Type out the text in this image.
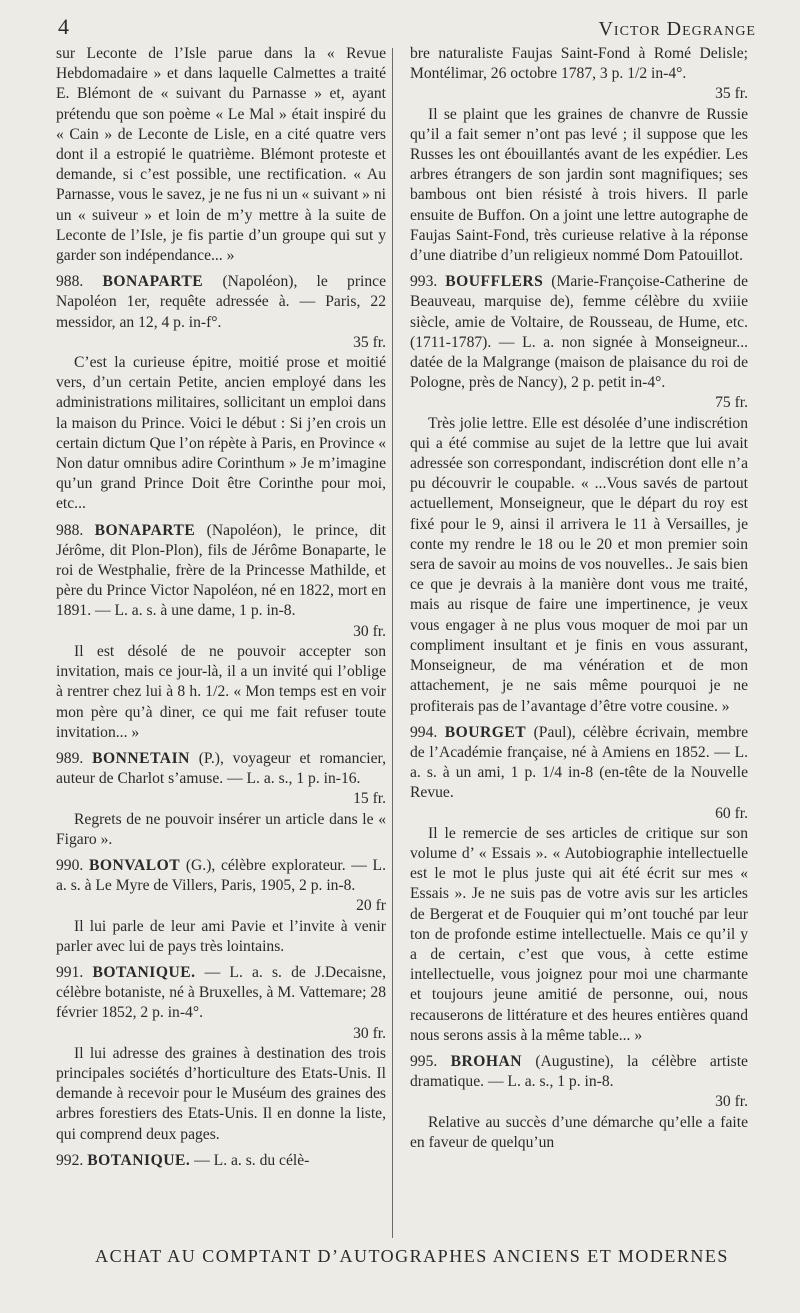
4	Victor Degrange

sur Leconte de l’Isle parue dans la « Revue Hebdomadaire » et dans laquelle Calmettes a traité E. Blémont de « suivant du Parnasse » et, ayant prétendu que son poème « Le Mal » était inspiré du « Cain » de Leconte de Lisle, en a cité quatre vers dont il a estropié le quatrième. Blémont proteste et demande, si c’est possible, une rectification. « Au Parnasse, vous le savez, je ne fus ni un « suivant » ni un « suiveur » et loin de m’y mettre à la suite de Leconte de l’Isle, je fis partie d’un groupe qui sut y garder son indépendance... »

988. BONAPARTE (Napoléon), le prince Napoléon 1er, requête adressée à. — Paris, 22 messidor, an 12, 4 p. in-f°.

35 fr.

C’est la curieuse épitre, moitié prose et moitié vers, d’un certain Petite, ancien employé dans les administrations militaires, sollicitant un emploi dans la maison du Prince. Voici le début : Si j’en crois un certain dictum Que l’on répète à Paris, en Province « Non datur omnibus adire Corinthum » Je m’imagine qu’un grand Prince Doit être Corinthe pour moi, etc...

988. BONAPARTE (Napoléon), le prince, dit Jérôme, dit Plon-Plon), fils de Jérôme Bonaparte, le roi de Westphalie, frère de la Princesse Mathilde, et père du Prince Victor Napoléon, né en 1822, mort en 1891. — L. a. s. à une dame, 1 p. in-8.

30 fr.

Il est désolé de ne pouvoir accepter son invitation, mais ce jour-là, il a un invité qui l’oblige à rentrer chez lui à 8 h. 1/2. « Mon temps est en voir mon père qu’à diner, ce qui me fait refuser toute invitation... »

989. BONNETAIN (P.), voyageur et romancier, auteur de Charlot s’amuse. — L. a. s., 1 p. in-16.

15 fr.

Regrets de ne pouvoir insérer un article dans le « Figaro ».

990. BONVALOT (G.), célèbre explorateur. — L. a. s. à Le Myre de Villers, Paris, 1905, 2 p. in-8.

20 fr

Il lui parle de leur ami Pavie et l’invite à venir parler avec lui de pays très lointains.

991. BOTANIQUE. — L. a. s. de J.Decaisne, célèbre botaniste, né à Bruxelles, à M. Vattemare; 28 février 1852, 2 p. in-4°.

30 fr.

Il lui adresse des graines à destination des trois principales sociétés d’horticulture des Etats-Unis. Il demande à recevoir pour le Muséum des graines des arbres forestiers des Etats-Unis. Il en donne la liste, qui comprend deux pages.

992. BOTANIQUE. — L. a. s. du célè-

bre naturaliste Faujas Saint-Fond à Romé Delisle; Montélimar, 26 octobre 1787, 3 p. 1/2 in-4°.

35 fr.

Il se plaint que les graines de chanvre de Russie qu’il a fait semer n’ont pas levé ; il suppose que les Russes les ont ébouillantés avant de les expédier. Les arbres étrangers de son jardin sont magnifiques; ses bambous ont bien résisté à trois hivers. Il parle ensuite de Buffon. On a joint une lettre autographe de Faujas Saint-Fond, très curieuse relative à la réponse d’une diatribe d’un religieux nommé Dom Patouillot.

993. BOUFFLERS (Marie-Françoise-Catherine de Beauveau, marquise de), femme célèbre du xviiie siècle, amie de Voltaire, de Rousseau, de Hume, etc. (1711-1787). — L. a. non signée à Monseigneur... datée de la Malgrange (maison de plaisance du roi de Pologne, près de Nancy), 2 p. petit in-4°.

75 fr.

Très jolie lettre. Elle est désolée d’une indiscrétion qui a été commise au sujet de la lettre que lui avait adressée son correspondant, indiscrétion dont elle n’a pu découvrir le coupable. « ...Vous savés de partout actuellement, Monseigneur, que le départ du roy est fixé pour le 9, ainsi il arrivera le 11 à Versailles, je conte my rendre le 18 ou le 20 et mon premier soin sera de savoir au moins de vos nouvelles.. Je sais bien ce que je devrais à la manière dont vous me traité, mais au risque de faire une impertinence, je veux vous engager à ne plus vous moquer de moi par un compliment insultant et je finis en vous assurant, Monseigneur, de ma vénération et de mon attachement, je ne sais même pourquoi je ne profiterais pas de l’avantage d’être votre cousine. »

994. BOURGET (Paul), célèbre écrivain, membre de l’Académie française, né à Amiens en 1852. — L. a. s. à un ami, 1 p. 1/4 in-8 (en-tête de la Nouvelle Revue.

60 fr.

Il le remercie de ses articles de critique sur son volume d’ « Essais ». « Autobiographie intellectuelle est le mot le plus juste qui ait été écrit sur mes « Essais ». Je ne suis pas de votre avis sur les articles de Bergerat et de Fouquier qui m’ont touché par leur ton de profonde estime intellectuelle. Mais ce qu’il y a de certain, c’est que vous, à cette estime intellectuelle, vous joignez pour moi une charmante et toujours jeune amitié de personne, oui, nous recauserons de littérature et des heures entières quand nous serons assis à la même table... »

995. BROHAN (Augustine), la célèbre artiste dramatique. — L. a. s., 1 p. in-8.

30 fr.

Relative au succès d’une démarche qu’elle a faite en faveur de quelqu’un

ACHAT AU COMPTANT D’AUTOGRAPHES ANCIENS ET MODERNES
